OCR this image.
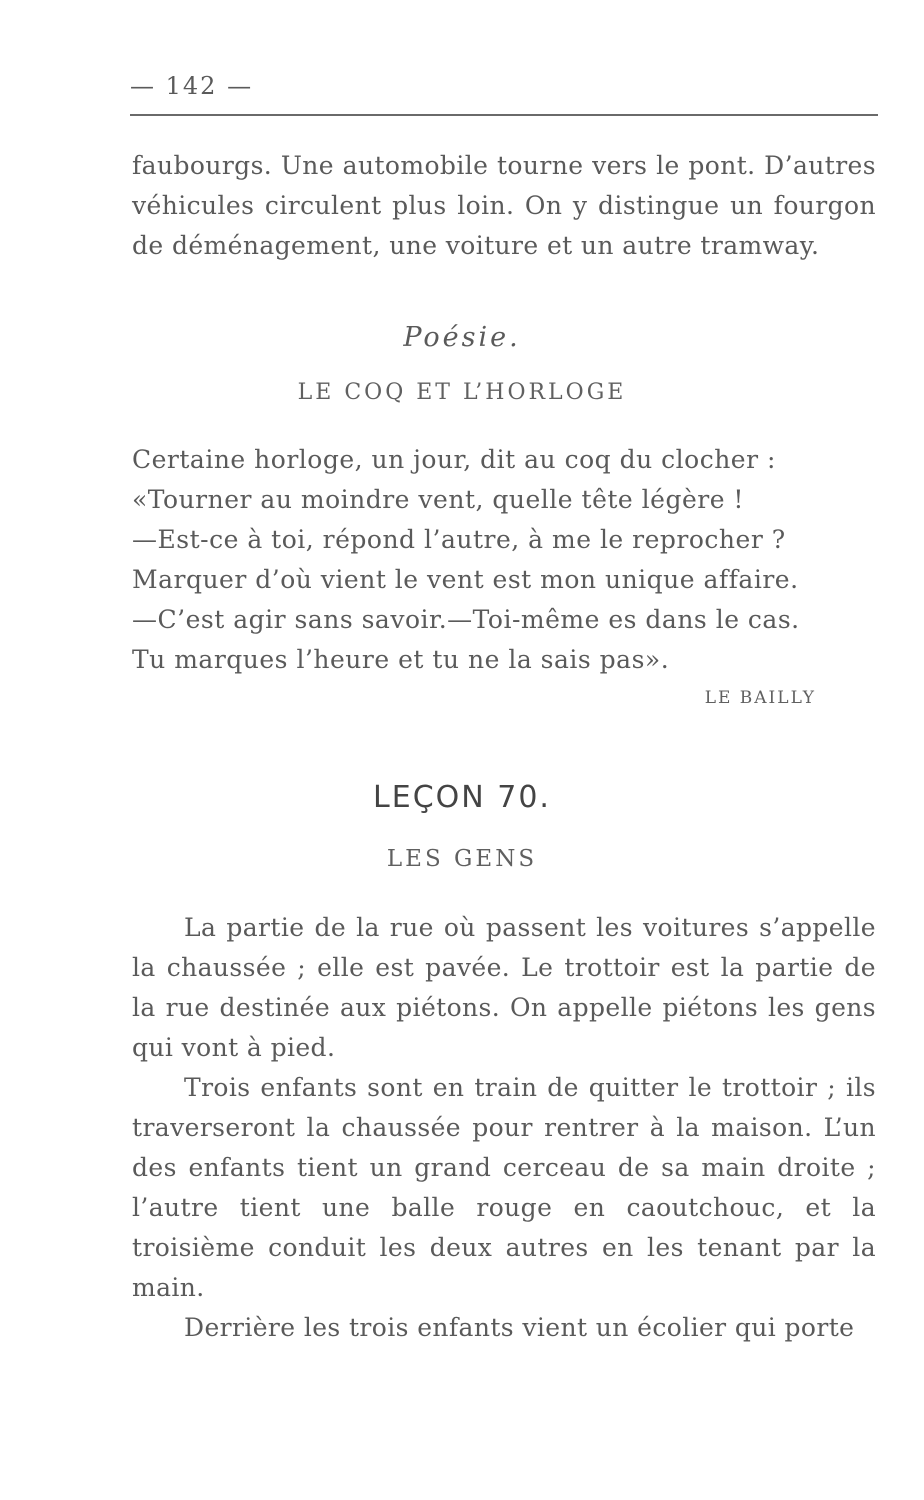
— 142 —
faubourgs. Une automobile tourne vers le pont. D’autres véhicules circulent plus loin. On y distingue un fourgon de déménagement, une voiture et un autre tramway.
Poésie.
LE COQ ET L’HORLOGE
Certaine horloge, un jour, dit au coq du clocher :
«Tourner au moindre vent, quelle tête légère !
—Est-ce à toi, répond l’autre, à me le reprocher ?
Marquer d’où vient le vent est mon unique affaire.
—C’est agir sans savoir.—Toi-même es dans le cas.
Tu marques l’heure et tu ne la sais pas».
LE BAILLY
LEÇON 70.
LES GENS

La partie de la rue où passent les voitures s’appelle la chaussée ; elle est pavée. Le trottoir est la partie de la rue destinée aux piétons. On appelle piétons les gens qui vont à pied.

Trois enfants sont en train de quitter le trottoir ; ils traverseront la chaussée pour rentrer à la maison. L’un des enfants tient un grand cerceau de sa main droite ; l’autre tient une balle rouge en caoutchouc, et la troisième conduit les deux autres en les tenant par la main.

Derrière les trois enfants vient un écolier qui porte
